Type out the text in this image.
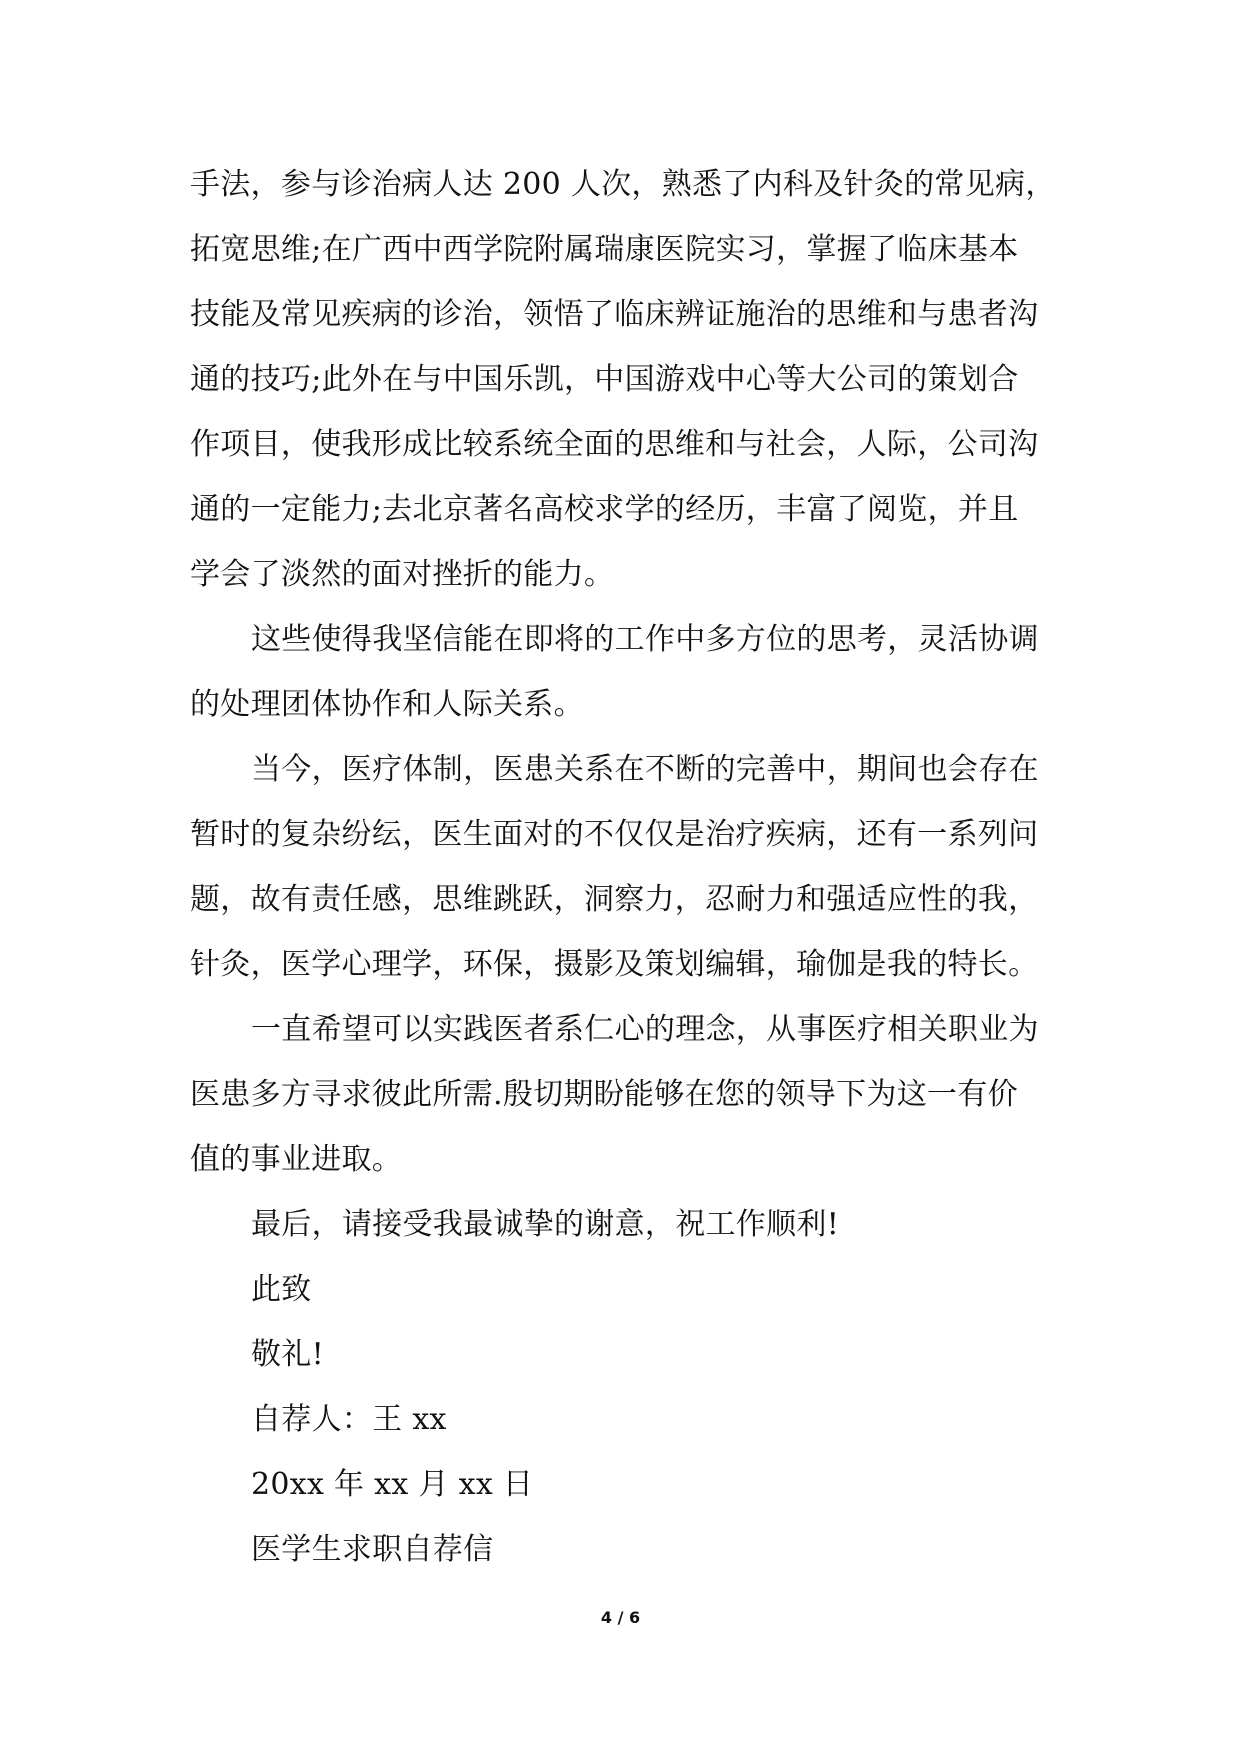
手法，参与诊治病人达 200 人次，熟悉了内科及针灸的常见病，
拓宽思维;在广西中西学院附属瑞康医院实习，掌握了临床基本
技能及常见疾病的诊治，领悟了临床辨证施治的思维和与患者沟
通的技巧;此外在与中国乐凯，中国游戏中心等大公司的策划合
作项目，使我形成比较系统全面的思维和与社会，人际，公司沟
通的一定能力;去北京著名高校求学的经历，丰富了阅览，并且
学会了淡然的面对挫折的能力。
这些使得我坚信能在即将的工作中多方位的思考，灵活协调
的处理团体协作和人际关系。
当今，医疗体制，医患关系在不断的完善中，期间也会存在
暂时的复杂纷纭，医生面对的不仅仅是治疗疾病，还有一系列问
题，故有责任感，思维跳跃，洞察力，忍耐力和强适应性的我，
针灸，医学心理学，环保，摄影及策划编辑，瑜伽是我的特长。
一直希望可以实践医者系仁心的理念，从事医疗相关职业为
医患多方寻求彼此所需.殷切期盼能够在您的领导下为这一有价
值的事业进取。
最后，请接受我最诚挚的谢意，祝工作顺利!
此致
敬礼!
自荐人：王 xx
20xx 年 xx 月 xx 日
医学生求职自荐信
4 / 6
